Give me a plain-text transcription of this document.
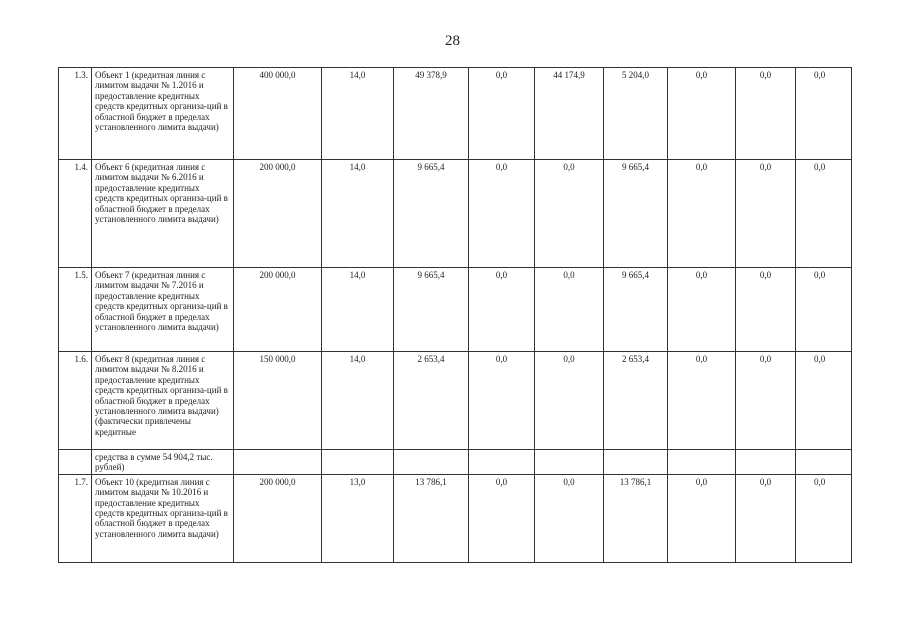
28
1.3.	Объект 1 (кредитная линия с лимитом выдачи № 1.2016 и предоставление кредитных средств кредитных организа-ций в областной бюджет в пределах установленного лимита выдачи)	400 000,0	14,0	49 378,9	0,0	44 174,9	5 204,0	0,0	0,0	0,0
1.4.	Объект 6 (кредитная линия с лимитом выдачи № 6.2016 и предоставление кредитных средств кредитных организа-ций в областной бюджет в пределах установленного лимита выдачи)	200 000,0	14,0	9 665,4	0,0	0,0	9 665,4	0,0	0,0	0,0
1.5.	Объект 7 (кредитная линия с лимитом выдачи № 7.2016 и предоставление кредитных средств кредитных организа-ций в областной бюджет в пределах установленного лимита выдачи)	200 000,0	14,0	9 665,4	0,0	0,0	9 665,4	0,0	0,0	0,0
1.6.	Объект 8 (кредитная линия с лимитом выдачи № 8.2016 и предоставление кредитных средств кредитных организа-ций в областной бюджет в пределах установленного лимита выдачи) (фактически привлечены кредитные	150 000,0	14,0	2 653,4	0,0	0,0	2 653,4	0,0	0,0	0,0
	средства в сумме 54 904,2 тыс. рублей)									
1.7.	Объект 10 (кредитная линия с лимитом выдачи № 10.2016 и предоставление кредитных средств кредитных организа-ций в областной бюджет в пределах установленного лимита выдачи)	200 000,0	13,0	13 786,1	0,0	0,0	13 786,1	0,0	0,0	0,0
